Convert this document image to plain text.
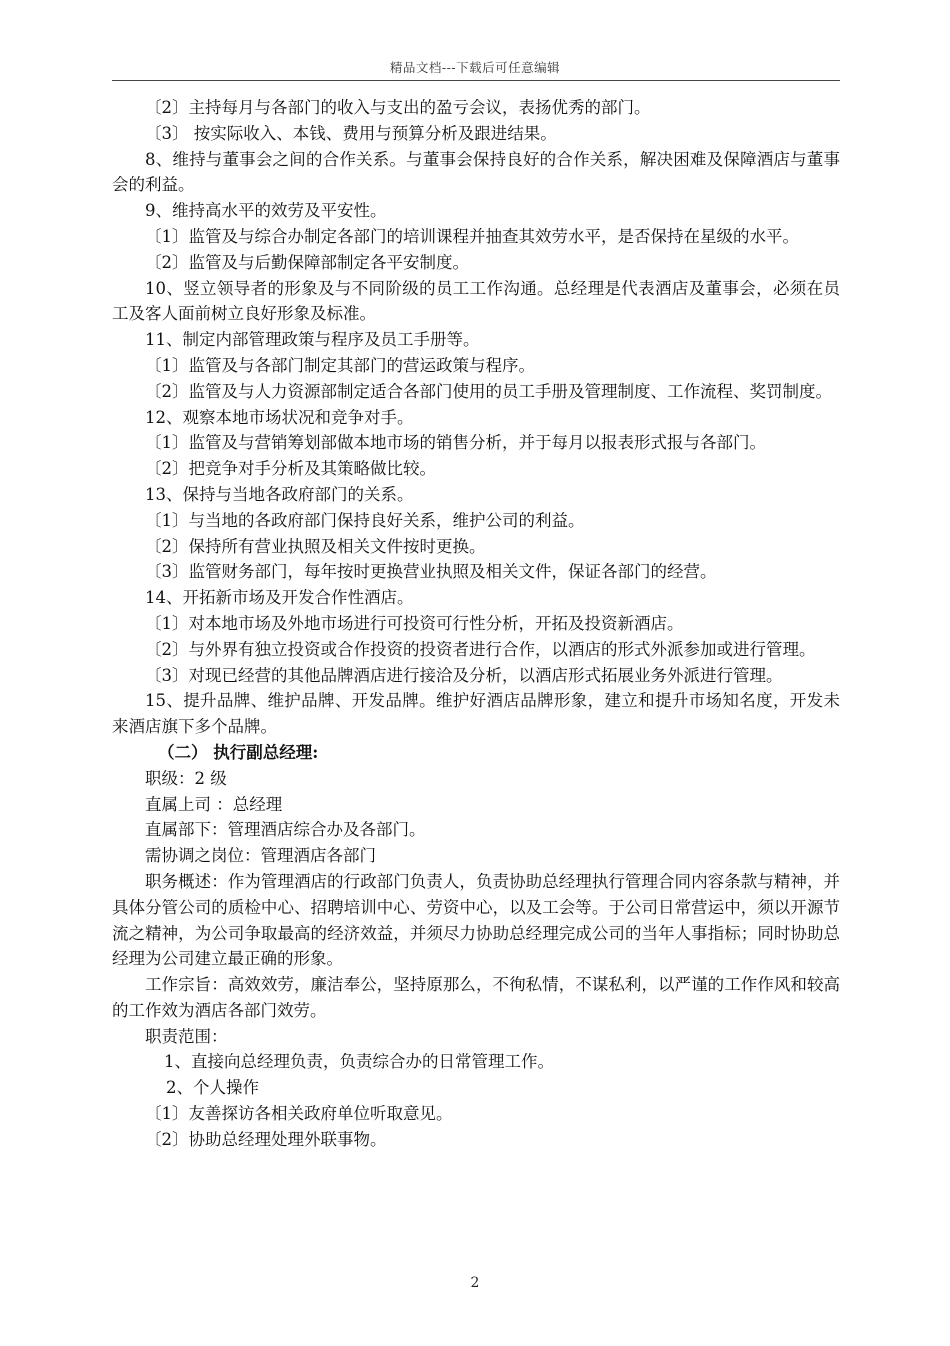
精品文档---下载后可任意编辑

〔2〕主持每月与各部门的收入与支出的盈亏会议，表扬优秀的部门。

〔3〕 按实际收入、本钱、费用与预算分析及跟进结果。

8、维持与董事会之间的合作关系。与董事会保持良好的合作关系，解决困难及保障酒店与董事会的利益。

9、维持高水平的效劳及平安性。

〔1〕监管及与综合办制定各部门的培训课程并抽查其效劳水平，是否保持在星级的水平。

〔2〕监管及与后勤保障部制定各平安制度。

10、竖立领导者的形象及与不同阶级的员工工作沟通。总经理是代表酒店及董事会，必须在员工及客人面前树立良好形象及标准。

11、制定内部管理政策与程序及员工手册等。

〔1〕监管及与各部门制定其部门的营运政策与程序。

〔2〕监管及与人力资源部制定适合各部门使用的员工手册及管理制度、工作流程、奖罚制度。

12、观察本地市场状况和竞争对手。

〔1〕监管及与营销筹划部做本地市场的销售分析，并于每月以报表形式报与各部门。

〔2〕把竞争对手分析及其策略做比较。

13、保持与当地各政府部门的关系。

〔1〕与当地的各政府部门保持良好关系，维护公司的利益。

〔2〕保持所有营业执照及相关文件按时更换。

〔3〕监管财务部门，每年按时更换营业执照及相关文件，保证各部门的经营。

14、开拓新市场及开发合作性酒店。

〔1〕对本地市场及外地市场进行可投资可行性分析，开拓及投资新酒店。

〔2〕与外界有独立投资或合作投资的投资者进行合作，以酒店的形式外派参加或进行管理。

〔3〕对现已经营的其他品牌酒店进行接洽及分析，以酒店形式拓展业务外派进行管理。

15、提升品牌、维护品牌、开发品牌。维护好酒店品牌形象，建立和提升市场知名度，开发未来酒店旗下多个品牌。

（二） 执行副总经理:

职级：2 级

直属上司 ：总经理

直属部下：管理酒店综合办及各部门。

需协调之岗位：管理酒店各部门

职务概述：作为管理酒店的行政部门负责人，负责协助总经理执行管理合同内容条款与精神，并具体分管公司的质检中心、招聘培训中心、劳资中心，以及工会等。于公司日常营运中，须以开源节流之精神，为公司争取最高的经济效益，并须尽力协助总经理完成公司的当年人事指标；同时协助总经理为公司建立最正确的形象。

工作宗旨：高效效劳，廉洁奉公，坚持原那么，不徇私情，不谋私利，以严谨的工作作风和较高的工作效为酒店各部门效劳。

职责范围：

1、直接向总经理负责，负责综合办的日常管理工作。

2、个人操作

〔1〕友善探访各相关政府单位听取意见。

〔2〕协助总经理处理外联事物。

2
